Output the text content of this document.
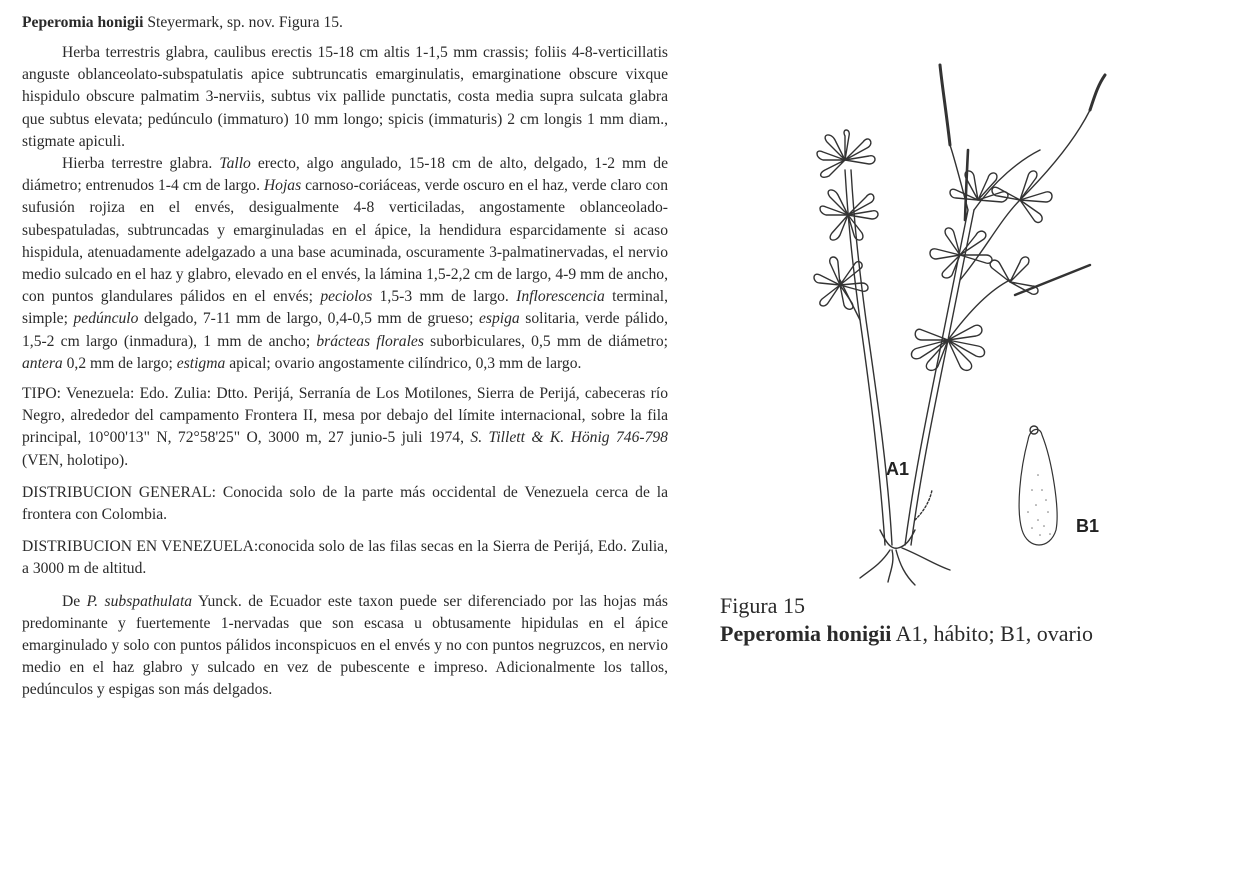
Peperomia honigii Steyermark, sp. nov. Figura 15.

Herba terrestris glabra, caulibus erectis 15-18 cm altis 1-1,5 mm crassis; foliis 4-8-verticillatis anguste oblanceolato-subspatulatis apice subtruncatis emarginulatis, emarginatione obscure vixque hispidulo obscure palmatim 3-nerviis, subtus vix pallide punctatis, costa media supra sulcata glabra que subtus elevata; pedúnculo (immaturo) 10 mm longo; spicis (immaturis) 2 cm longis 1 mm diam., stigmate apiculi.

Hierba terrestre glabra. Tallo erecto, algo angulado, 15-18 cm de alto, delgado, 1-2 mm de diámetro; entrenudos 1-4 cm de largo. Hojas carnoso-coriáceas, verde oscuro en el haz, verde claro con sufusión rojiza en el envés, desigualmente 4-8 verticiladas, angostamente oblanceolado-subespatuladas, subtruncadas y emarginuladas en el ápice, la hendidura esparcidamente si acaso hispidula, atenuadamente adelgazado a una base acuminada, oscuramente 3-palmatinervadas, el nervio medio sulcado en el haz y glabro, elevado en el envés, la lámina 1,5-2,2 cm de largo, 4-9 mm de ancho, con puntos glandulares pálidos en el envés; peciolos 1,5-3 mm de largo. Inflorescencia terminal, simple; pedúnculo delgado, 7-11 mm de largo, 0,4-0,5 mm de grueso; espiga solitaria, verde pálido, 1,5-2 cm largo (inmadura), 1 mm de ancho; brácteas florales suborbiculares, 0,5 mm de diámetro; antera 0,2 mm de largo; estigma apical; ovario angostamente cilíndrico, 0,3 mm de largo.

TIPO: Venezuela: Edo. Zulia: Dtto. Perijá, Serranía de Los Motilones, Sierra de Perijá, cabeceras río Negro, alrededor del campamento Frontera II, mesa por debajo del límite internacional, sobre la fila principal, 10°00'13" N, 72°58'25" O, 3000 m, 27 junio-5 juli 1974, S. Tillett & K. Hönig 746-798 (VEN, holotipo).

DISTRIBUCION GENERAL: Conocida solo de la parte más occidental de Venezuela cerca de la frontera con Colombia.

DISTRIBUCION EN VENEZUELA:conocida solo de las filas secas en la Sierra de Perijá, Edo. Zulia, a 3000 m de altitud.

De P. subspathulata Yunck. de Ecuador este taxon puede ser diferenciado por las hojas más predominante y fuertemente 1-nervadas que son escasa u obtusamente hipidulas en el ápice emarginulado y solo con puntos pálidos inconspicuos en el envés y no con puntos negruzcos, en nervio medio en el haz glabro y sulcado en vez de pubescente e impreso. Adicionalmente los tallos, pedúnculos y espigas son más delgados.

A1
B1

Figura 15

Peperomia honigii A1, hábito; B1, ovario
